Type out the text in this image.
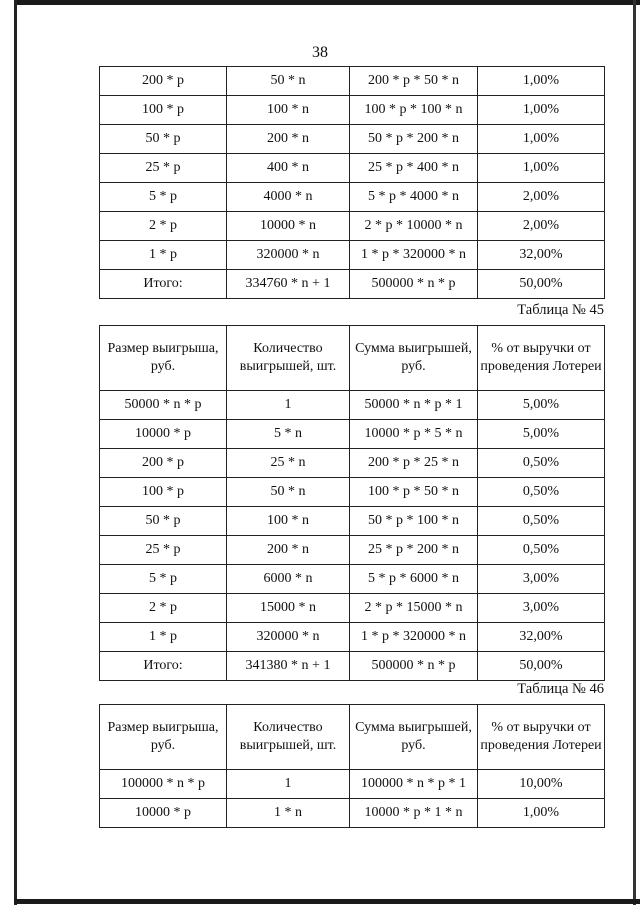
38
200 * p	50 * n	200 * p * 50 * n	1,00%
100 * p	100 * n	100 * p * 100 * n	1,00%
50 * p	200 * n	50 * p * 200 * n	1,00%
25 * p	400 * n	25 * p * 400 * n	1,00%
5 * p	4000 * n	5 * p * 4000 * n	2,00%
2 * p	10000 * n	2 * p * 10000 * n	2,00%
1 * p	320000 * n	1 * p * 320000 * n	32,00%
Итого:	334760 * n + 1	500000 * n * p	50,00%
Таблица № 45
Размер выигрыша, руб.	Количество выигрышей, шт.	Сумма выигрышей, руб.	% от выручки от проведения Лотереи
50000 * n * p	1	50000 * n * p * 1	5,00%
10000 * p	5 * n	10000 * p * 5 * n	5,00%
200 * p	25 * n	200 * p * 25 * n	0,50%
100 * p	50 * n	100 * p * 50 * n	0,50%
50 * p	100 * n	50 * p * 100 * n	0,50%
25 * p	200 * n	25 * p * 200 * n	0,50%
5 * p	6000 * n	5 * p * 6000 * n	3,00%
2 * p	15000 * n	2 * p * 15000 * n	3,00%
1 * p	320000 * n	1 * p * 320000 * n	32,00%
Итого:	341380 * n + 1	500000 * n * p	50,00%
Таблица № 46
Размер выигрыша, руб.	Количество выигрышей, шт.	Сумма выигрышей, руб.	% от выручки от проведения Лотереи
100000 * n * p	1	100000 * n * p * 1	10,00%
10000 * p	1 * n	10000 * p * 1 * n	1,00%
